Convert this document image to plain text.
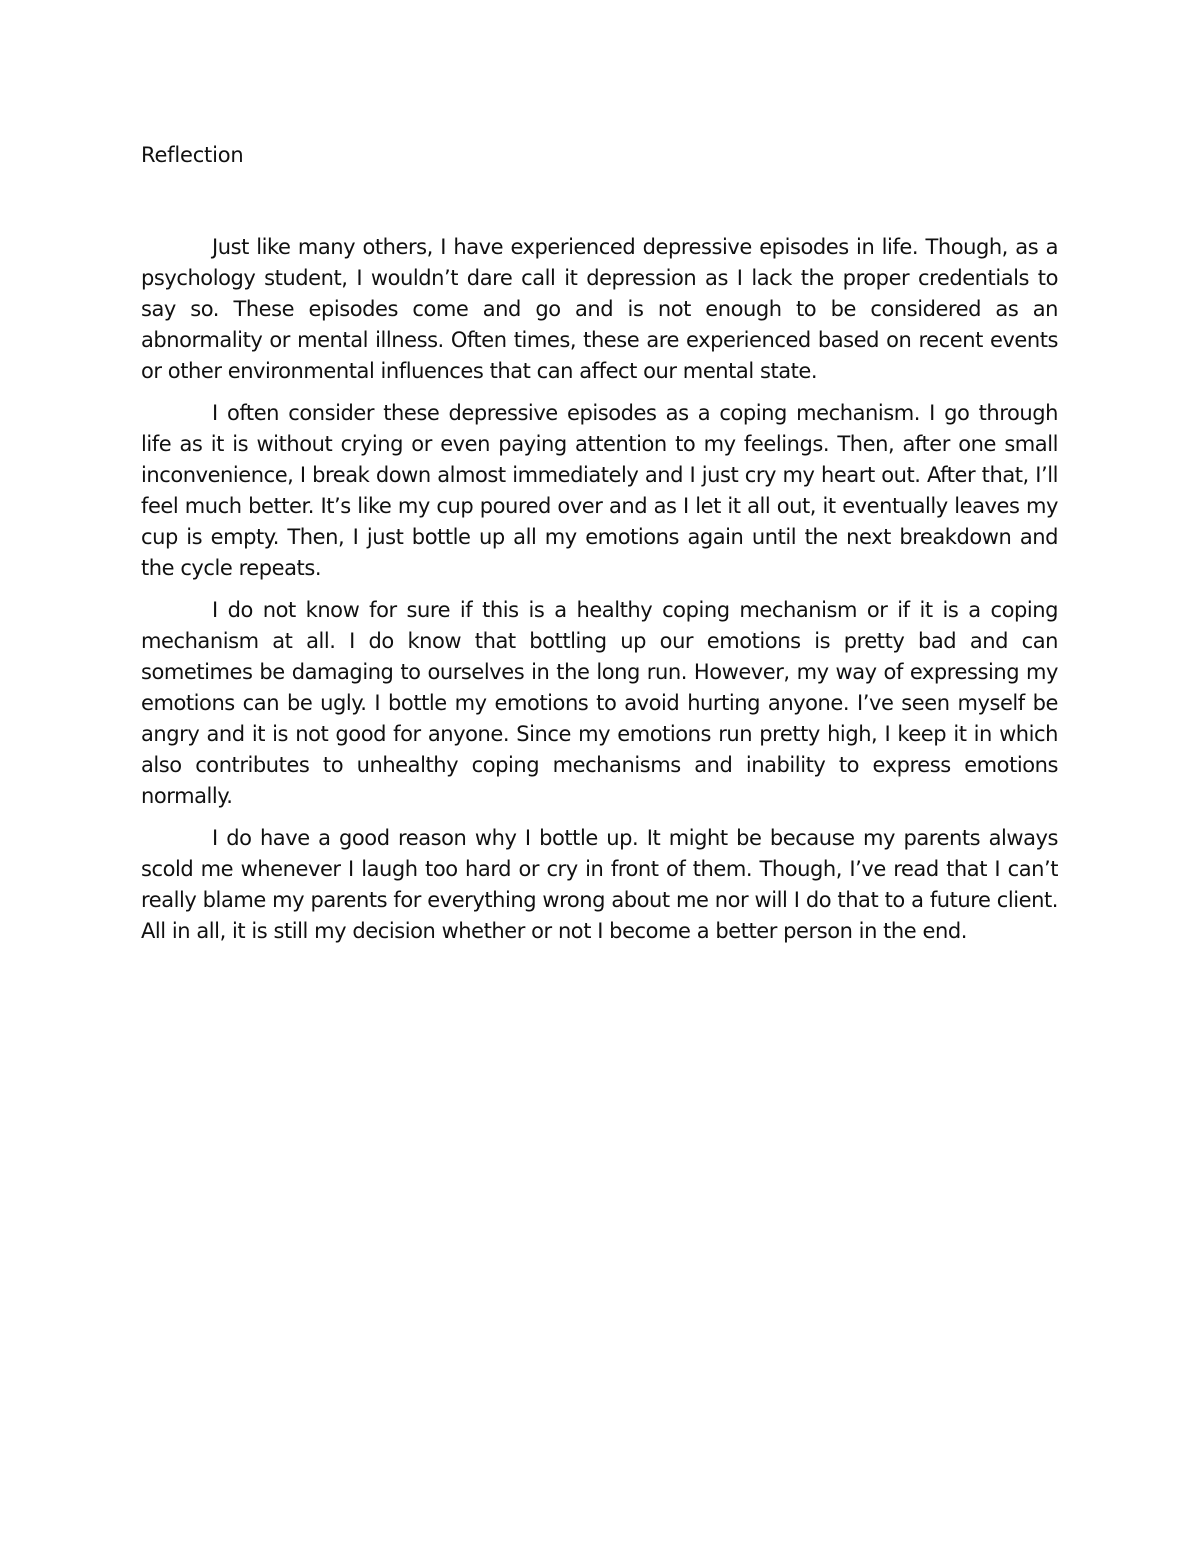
Reflection

Just like many others, I have experienced depressive episodes in life. Though, as a psychology student, I wouldn’t dare call it depression as I lack the proper credentials to say so. These episodes come and go and is not enough to be considered as an abnormality or mental illness. Often times, these are experienced based on recent events or other environmental influences that can affect our mental state.

I often consider these depressive episodes as a coping mechanism. I go through life as it is without crying or even paying attention to my feelings. Then, after one small inconvenience, I break down almost immediately and I just cry my heart out. After that, I’ll feel much better. It’s like my cup poured over and as I let it all out, it eventually leaves my cup is empty. Then, I just bottle up all my emotions again until the next breakdown and the cycle repeats.

I do not know for sure if this is a healthy coping mechanism or if it is a coping mechanism at all. I do know that bottling up our emotions is pretty bad and can sometimes be damaging to ourselves in the long run. However, my way of expressing my emotions can be ugly. I bottle my emotions to avoid hurting anyone. I’ve seen myself be angry and it is not good for anyone. Since my emotions run pretty high, I keep it in which also contributes to unhealthy coping mechanisms and inability to express emotions normally.

I do have a good reason why I bottle up. It might be because my parents always scold me whenever I laugh too hard or cry in front of them. Though, I’ve read that I can’t really blame my parents for everything wrong about me nor will I do that to a future client. All in all, it is still my decision whether or not I become a better person in the end.
